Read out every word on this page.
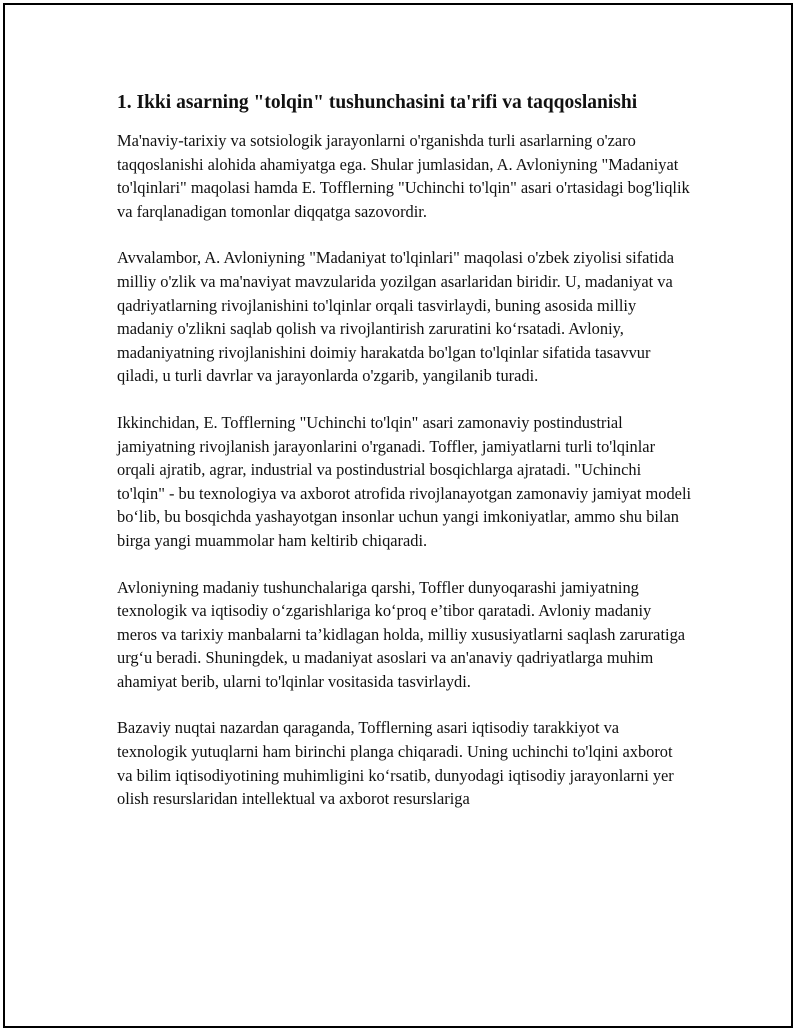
1. Ikki asarning "tolqin" tushunchasini ta'rifi va taqqoslanishi

Ma'naviy-tarixiy va sotsiologik jarayonlarni o'rganishda turli asarlarning o'zaro taqqoslanishi alohida ahamiyatga ega. Shular jumlasidan, A. Avloniyning "Madaniyat to'lqinlari" maqolasi hamda E. Tofflerning "Uchinchi to'lqin" asari o'rtasidagi bog'liqlik va farqlanadigan tomonlar diqqatga sazovordir.

Avvalambor, A. Avloniyning "Madaniyat to'lqinlari" maqolasi o'zbek ziyolisi sifatida milliy o'zlik va ma'naviyat mavzularida yozilgan asarlaridan biridir. U, madaniyat va qadriyatlarning rivojlanishini to'lqinlar orqali tasvirlaydi, buning asosida milliy madaniy o'zlikni saqlab qolish va rivojlantirish zaruratini ko‘rsatadi. Avloniy, madaniyatning rivojlanishini doimiy harakatda bo'lgan to'lqinlar sifatida tasavvur qiladi, u turli davrlar va jarayonlarda o'zgarib, yangilanib turadi.

Ikkinchidan, E. Tofflerning "Uchinchi to'lqin" asari zamonaviy postindustrial jamiyatning rivojlanish jarayonlarini o'rganadi. Toffler, jamiyatlarni turli to'lqinlar orqali ajratib, agrar, industrial va postindustrial bosqichlarga ajratadi. "Uchinchi to'lqin" - bu texnologiya va axborot atrofida rivojlanayotgan zamonaviy jamiyat modeli bo‘lib, bu bosqichda yashayotgan insonlar uchun yangi imkoniyatlar, ammo shu bilan birga yangi muammolar ham keltirib chiqaradi.

Avloniyning madaniy tushunchalariga qarshi, Toffler dunyoqarashi jamiyatning texnologik va iqtisodiy o‘zgarishlariga ko‘proq e’tibor qaratadi. Avloniy madaniy meros va tarixiy manbalarni ta’kidlagan holda, milliy xususiyatlarni saqlash zaruratiga urg‘u beradi. Shuningdek, u madaniyat asoslari va an'anaviy qadriyatlarga muhim ahamiyat berib, ularni to'lqinlar vositasida tasvirlaydi.

Bazaviy nuqtai nazardan qaraganda, Tofflerning asari iqtisodiy tarakkiyot va texnologik yutuqlarni ham birinchi planga chiqaradi. Uning uchinchi to'lqini axborot va bilim iqtisodiyotining muhimligini ko‘rsatib, dunyodagi iqtisodiy jarayonlarni yer olish resurslaridan intellektual va axborot resurslariga
